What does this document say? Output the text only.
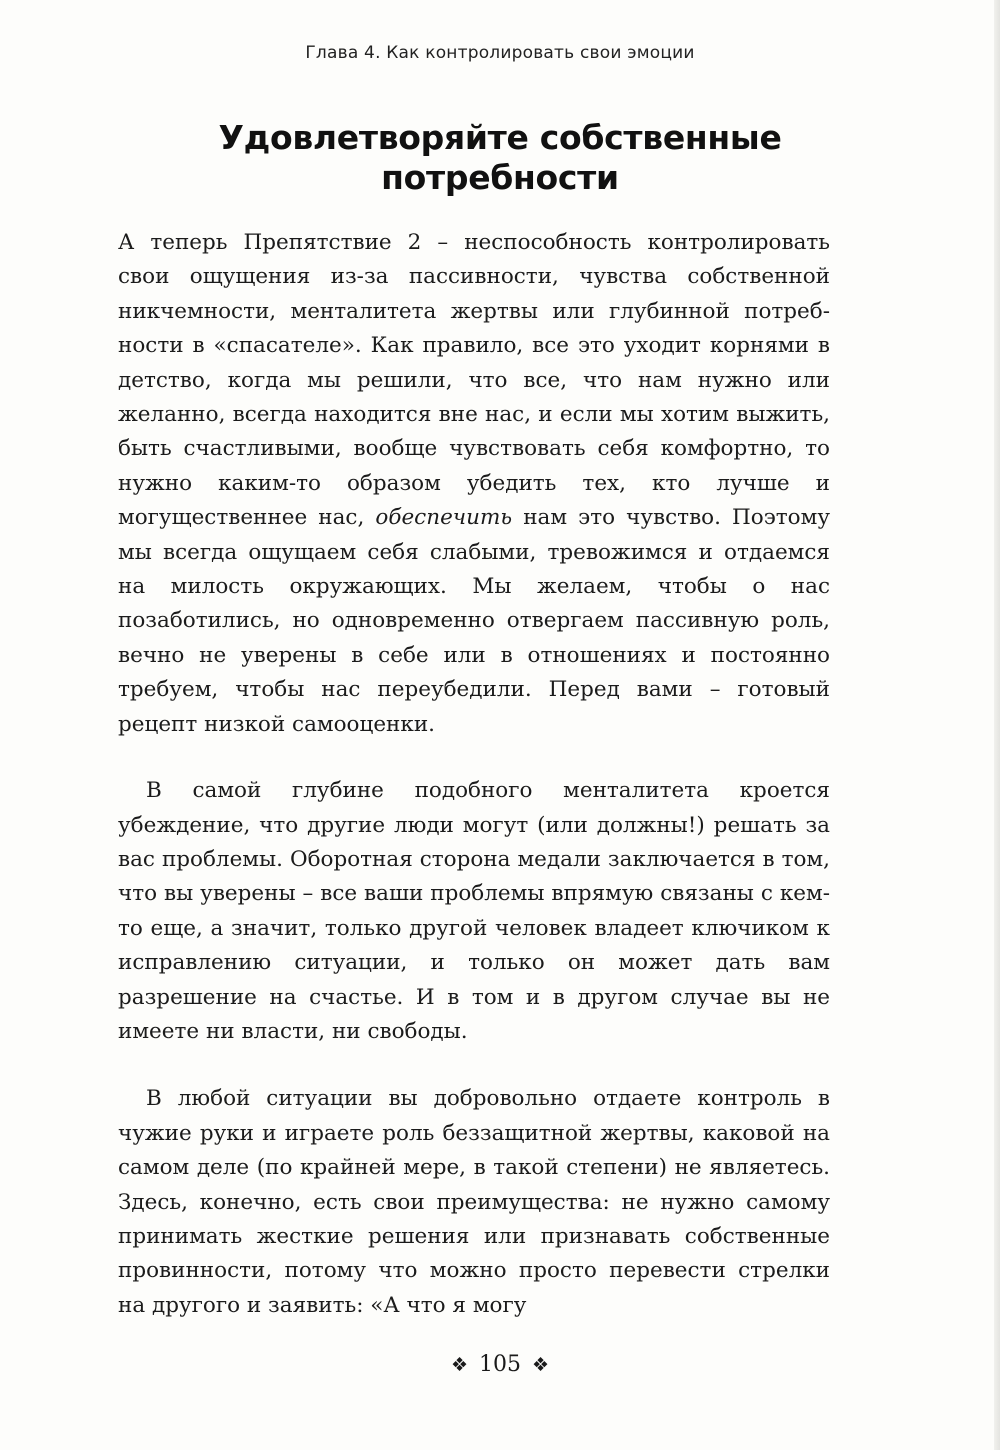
Глава 4. Как контролировать свои эмоции
Удовлетворяйте собственные
потребности

А теперь Препятствие 2 – неспособность контролировать свои ощущения из-за пассивности, чувства собственной никчемности, менталитета жертвы или глубинной потребности в «спасателе». Как правило, все это уходит корнями в детство, когда мы решили, что все, что нам нужно или желанно, всегда находится вне нас, и если мы хотим выжить, быть счастливыми, вообще чувствовать себя комфортно, то нужно каким-то образом убедить тех, кто лучше и могущественнее нас, обеспечить нам это чувство. Поэтому мы всегда ощущаем себя слабыми, тревожимся и отдаемся на милость окружающих. Мы желаем, чтобы о нас позаботились, но одновременно отвергаем пассивную роль, вечно не уверены в себе или в отношениях и постоянно требуем, чтобы нас переубедили. Перед вами – готовый рецепт низкой самооценки.

В самой глубине подобного менталитета кроется убеждение, что другие люди могут (или должны!) решать за вас проблемы. Оборотная сторона медали заключается в том, что вы уверены – все ваши проблемы впрямую связаны с кем-то еще, а значит, только другой человек владеет ключиком к исправлению ситуации, и только он может дать вам разрешение на счастье. И в том и в другом случае вы не имеете ни власти, ни свободы.

В любой ситуации вы добровольно отдаете контроль в чужие руки и играете роль беззащитной жертвы, каковой на самом деле (по крайней мере, в такой степени) не являетесь. Здесь, конечно, есть свои преимущества: не нужно самому принимать жесткие решения или признавать собственные провинности, потому что можно просто перевести стрелки на другого и заявить: «А что я могу

❖ 105 ❖
